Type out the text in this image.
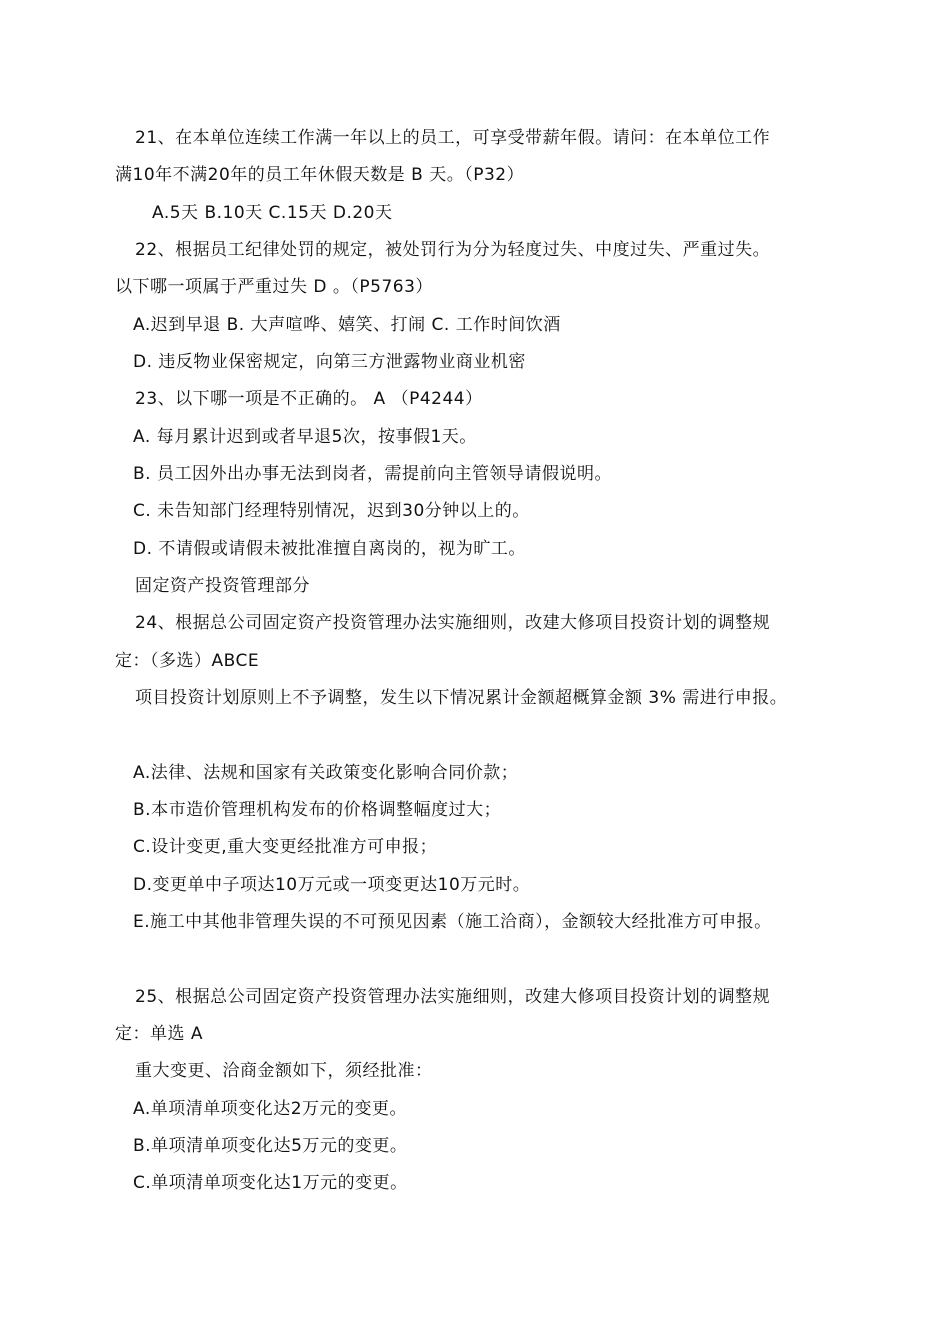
21、在本单位连续工作满一年以上的员工，可享受带薪年假。请问：在本单位工作
满10年不满20年的员工年休假天数是 B 天。（P32）
A.5天 B.10天 C.15天 D.20天
22、根据员工纪律处罚的规定，被处罚行为分为轻度过失、中度过失、严重过失。
以下哪一项属于严重过失 D 。（P5763）
A.迟到早退 B. 大声喧哗、嬉笑、打闹 C. 工作时间饮酒
D. 违反物业保密规定，向第三方泄露物业商业机密
23、以下哪一项是不正确的。 A （P4244）
A. 每月累计迟到或者早退5次，按事假1天。
B. 员工因外出办事无法到岗者，需提前向主管领导请假说明。
C. 未告知部门经理特别情况，迟到30分钟以上的。
D. 不请假或请假未被批准擅自离岗的，视为旷工。
固定资产投资管理部分
24、根据总公司固定资产投资管理办法实施细则，改建大修项目投资计划的调整规
定：（多选）ABCE
项目投资计划原则上不予调整，发生以下情况累计金额超概算金额 3% 需进行申报。
A.法律、法规和国家有关政策变化影响合同价款；
B.本市造价管理机构发布的价格调整幅度过大；
C.设计变更,重大变更经批准方可申报；
D.变更单中子项达10万元或一项变更达10万元时。
E.施工中其他非管理失误的不可预见因素（施工洽商），金额较大经批准方可申报。
25、根据总公司固定资产投资管理办法实施细则，改建大修项目投资计划的调整规
定：单选 A
重大变更、洽商金额如下，须经批准：
A.单项清单项变化达2万元的变更。
B.单项清单项变化达5万元的变更。
C.单项清单项变化达1万元的变更。
